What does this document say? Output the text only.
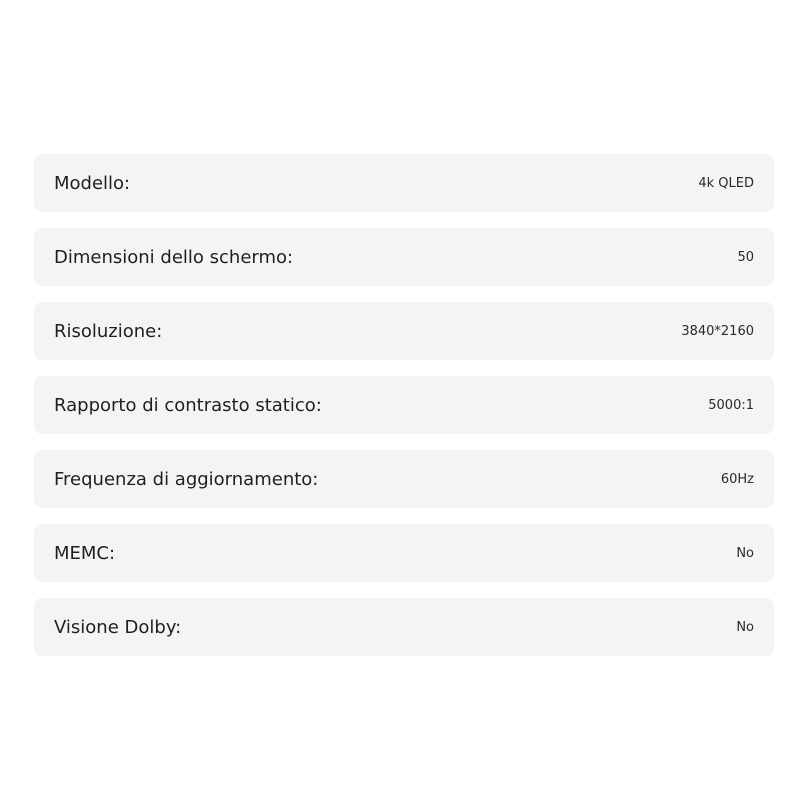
Modello:	4k QLED
Dimensioni dello schermo:	50
Risoluzione:	3840*2160
Rapporto di contrasto statico:	5000:1
Frequenza di aggiornamento:	60Hz
MEMC:	No
Visione Dolby:	No
